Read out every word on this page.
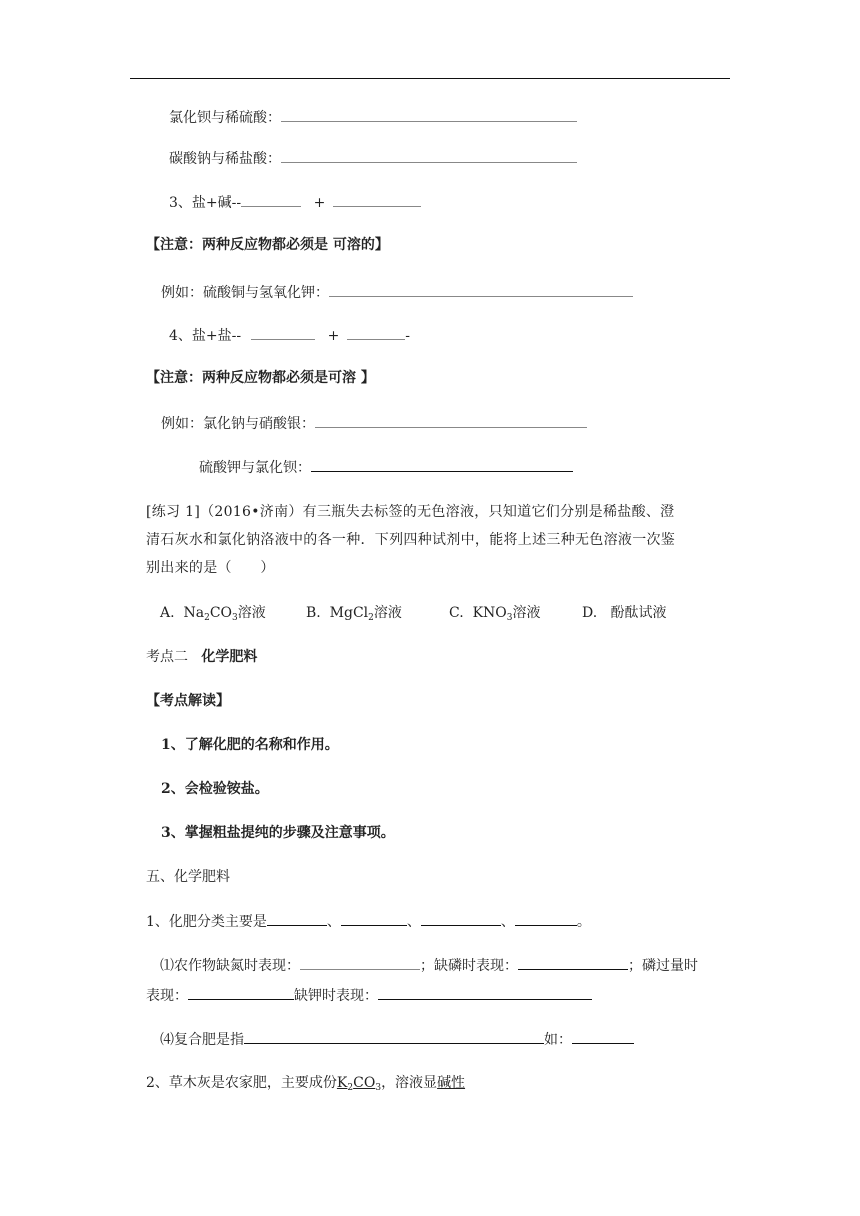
氯化钡与稀硫酸：
碳酸钠与稀盐酸：
3、盐+碱--	+
【注意：两种反应物都必须是 可溶的】
例如：硫酸铜与氢氧化钾：
4、盐+盐--	+	-
【注意：两种反应物都必须是可溶 】
例如：氯化钠与硝酸银：
硫酸钾与氯化钡：
[练习 1]（2016•济南）有三瓶失去标签的无色溶液，只知道它们分别是稀盐酸、澄清石灰水和氯化钠洛液中的各一种．下列四种试剂中，能将上述三种无色溶液一次鉴别出来的是（　　）
A. $Na_2CO_3$溶液	B. MgCl$_2$溶液	C. $KNO_3$溶液	D. 酚酞试液
考点二 化学肥料
【考点解读】
1、了解化肥的名称和作用。
2、会检验铵盐。
3、掌握粗盐提纯的步骤及注意事项。
五、化学肥料
1、化肥分类主要是	、	、	、	。
⑴农作物缺氮时表现：	；缺磷时表现：	；磷过量时
表现：	缺钾时表现：
⑷复合肥是指	如：
2、草木灰是农家肥，主要成份$K_2CO_3$，溶液显碱性
